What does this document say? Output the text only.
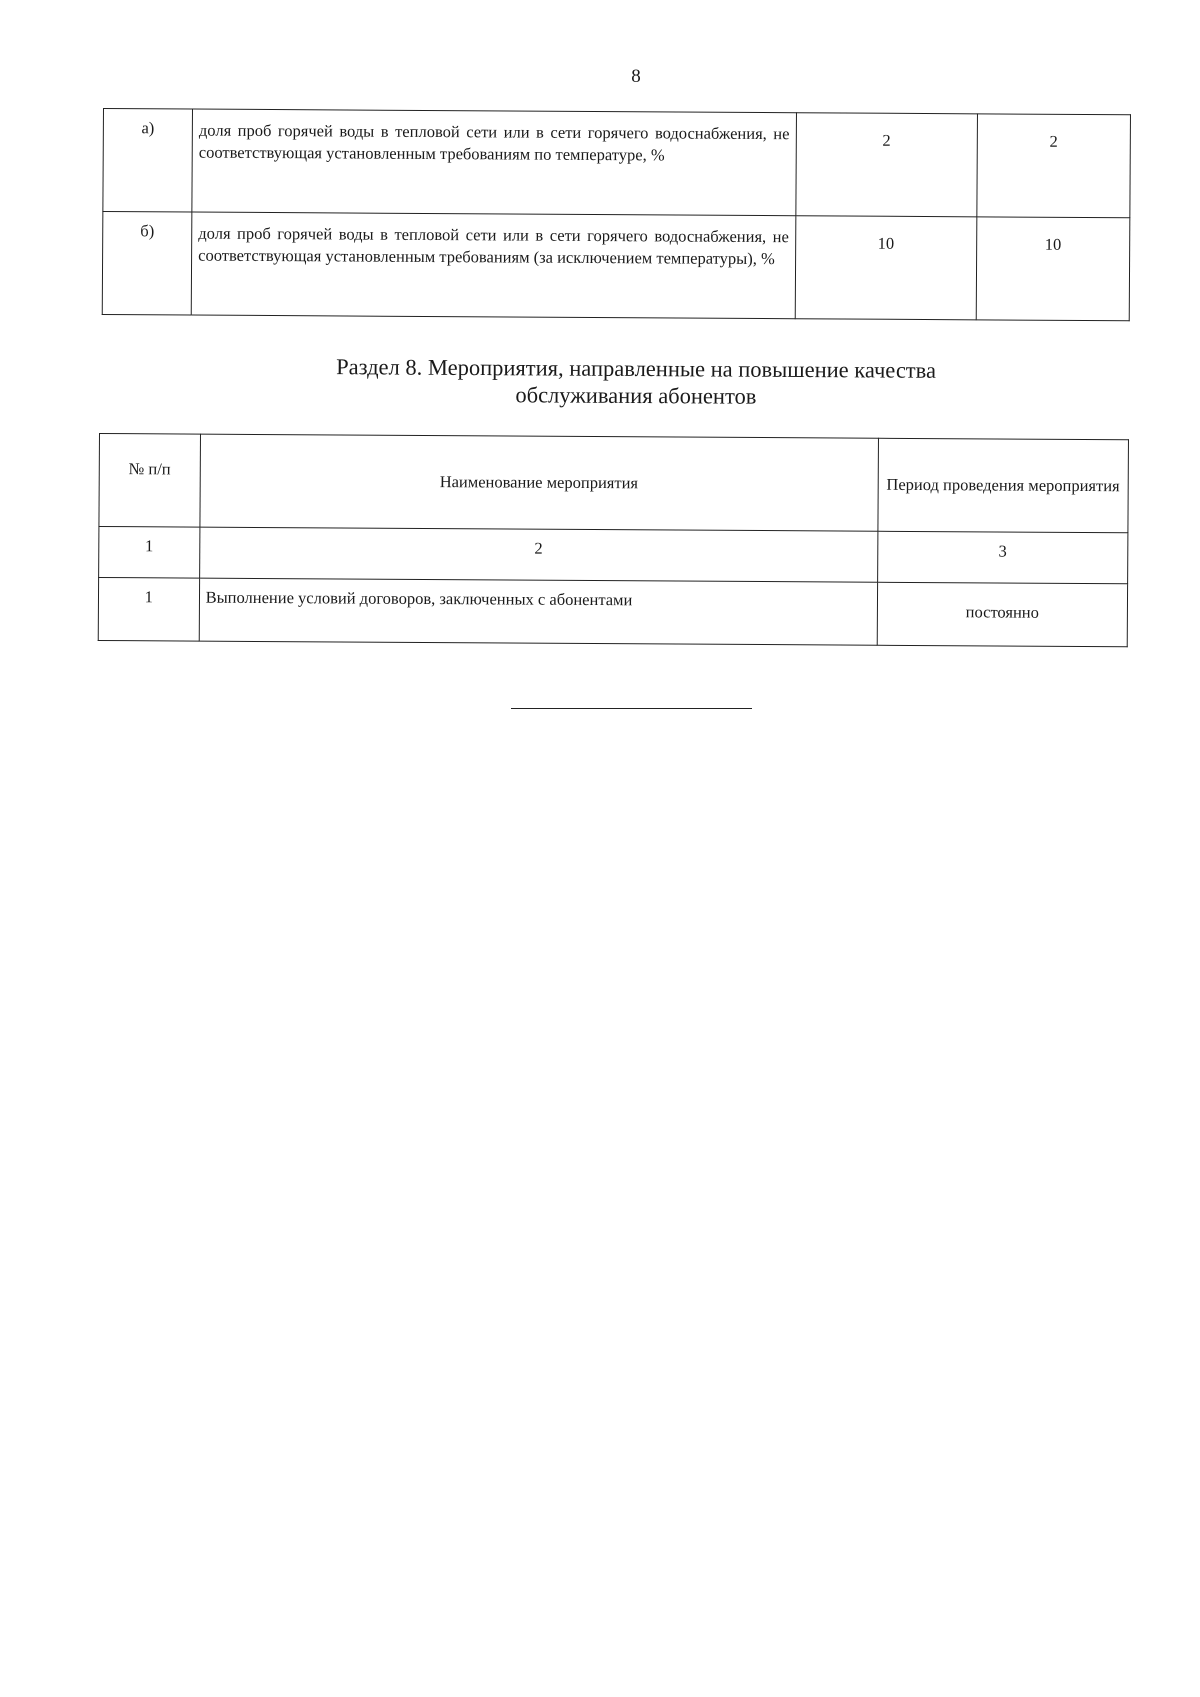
8
а)	доля проб горячей воды в тепловой сети или в сети горячего водоснабжения, не соответствующая установленным требованиям по температуре, %	2	2
б)	доля проб горячей воды в тепловой сети или в сети горячего водоснабжения, не соответствующая установленным требованиям (за исключением температуры), %	10	10
Раздел 8. Мероприятия, направленные на повышение качества
обслуживания абонентов
№ п/п	Наименование мероприятия	Период проведения мероприятия
1	2	3
1	Выполнение условий договоров, заключенных с абонентами	постоянно
